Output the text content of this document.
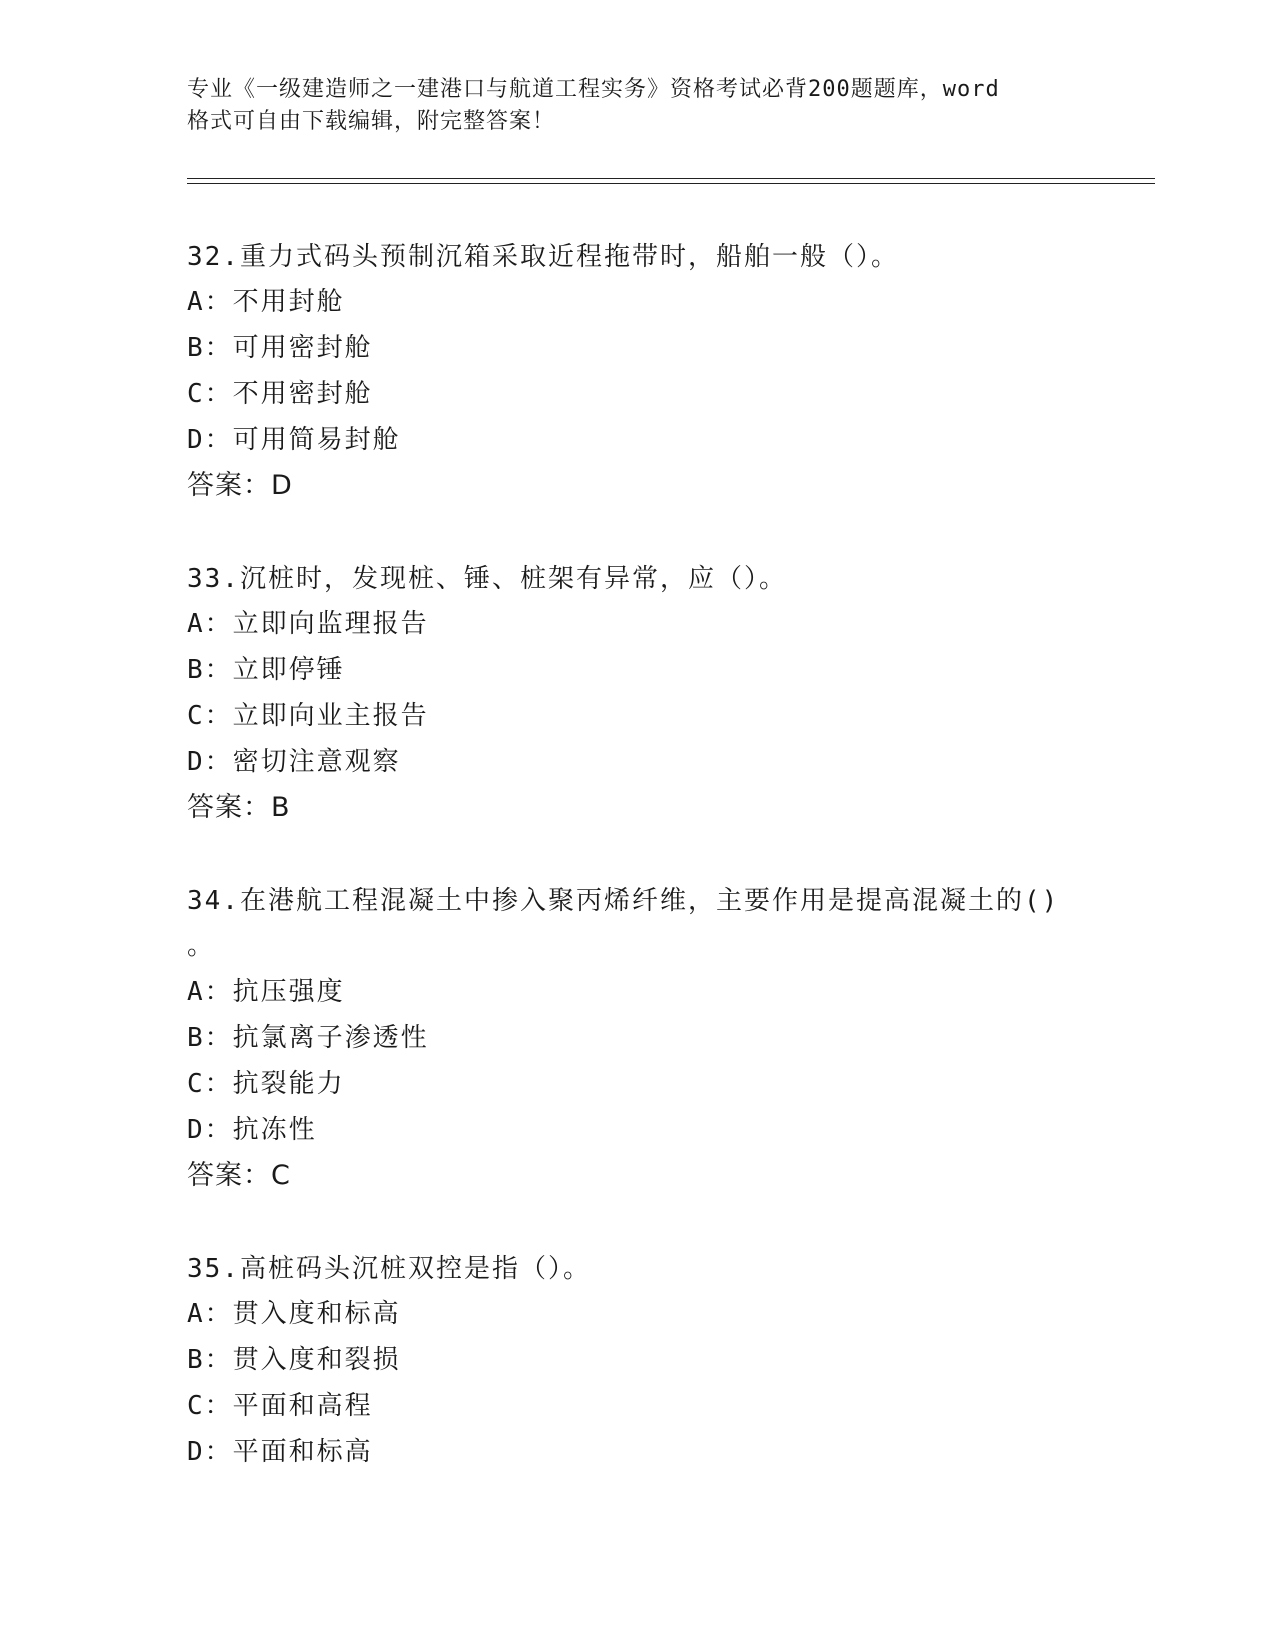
专业《一级建造师之一建港口与航道工程实务》资格考试必背200题题库，word
格式可自由下载编辑，附完整答案！
32.重力式码头预制沉箱采取近程拖带时，船舶一般（）。
A：不用封舱
B：可用密封舱
C：不用密封舱
D：可用简易封舱
答案：D
33.沉桩时，发现桩、锤、桩架有异常，应（）。
A：立即向监理报告
B：立即停锤
C：立即向业主报告
D：密切注意观察
答案：B
34.在港航工程混凝土中掺入聚丙烯纤维，主要作用是提高混凝土的()
。
A：抗压强度
B：抗氯离子渗透性
C：抗裂能力
D：抗冻性
答案：C
35.高桩码头沉桩双控是指（）。
A：贯入度和标高
B：贯入度和裂损
C：平面和高程
D：平面和标高
